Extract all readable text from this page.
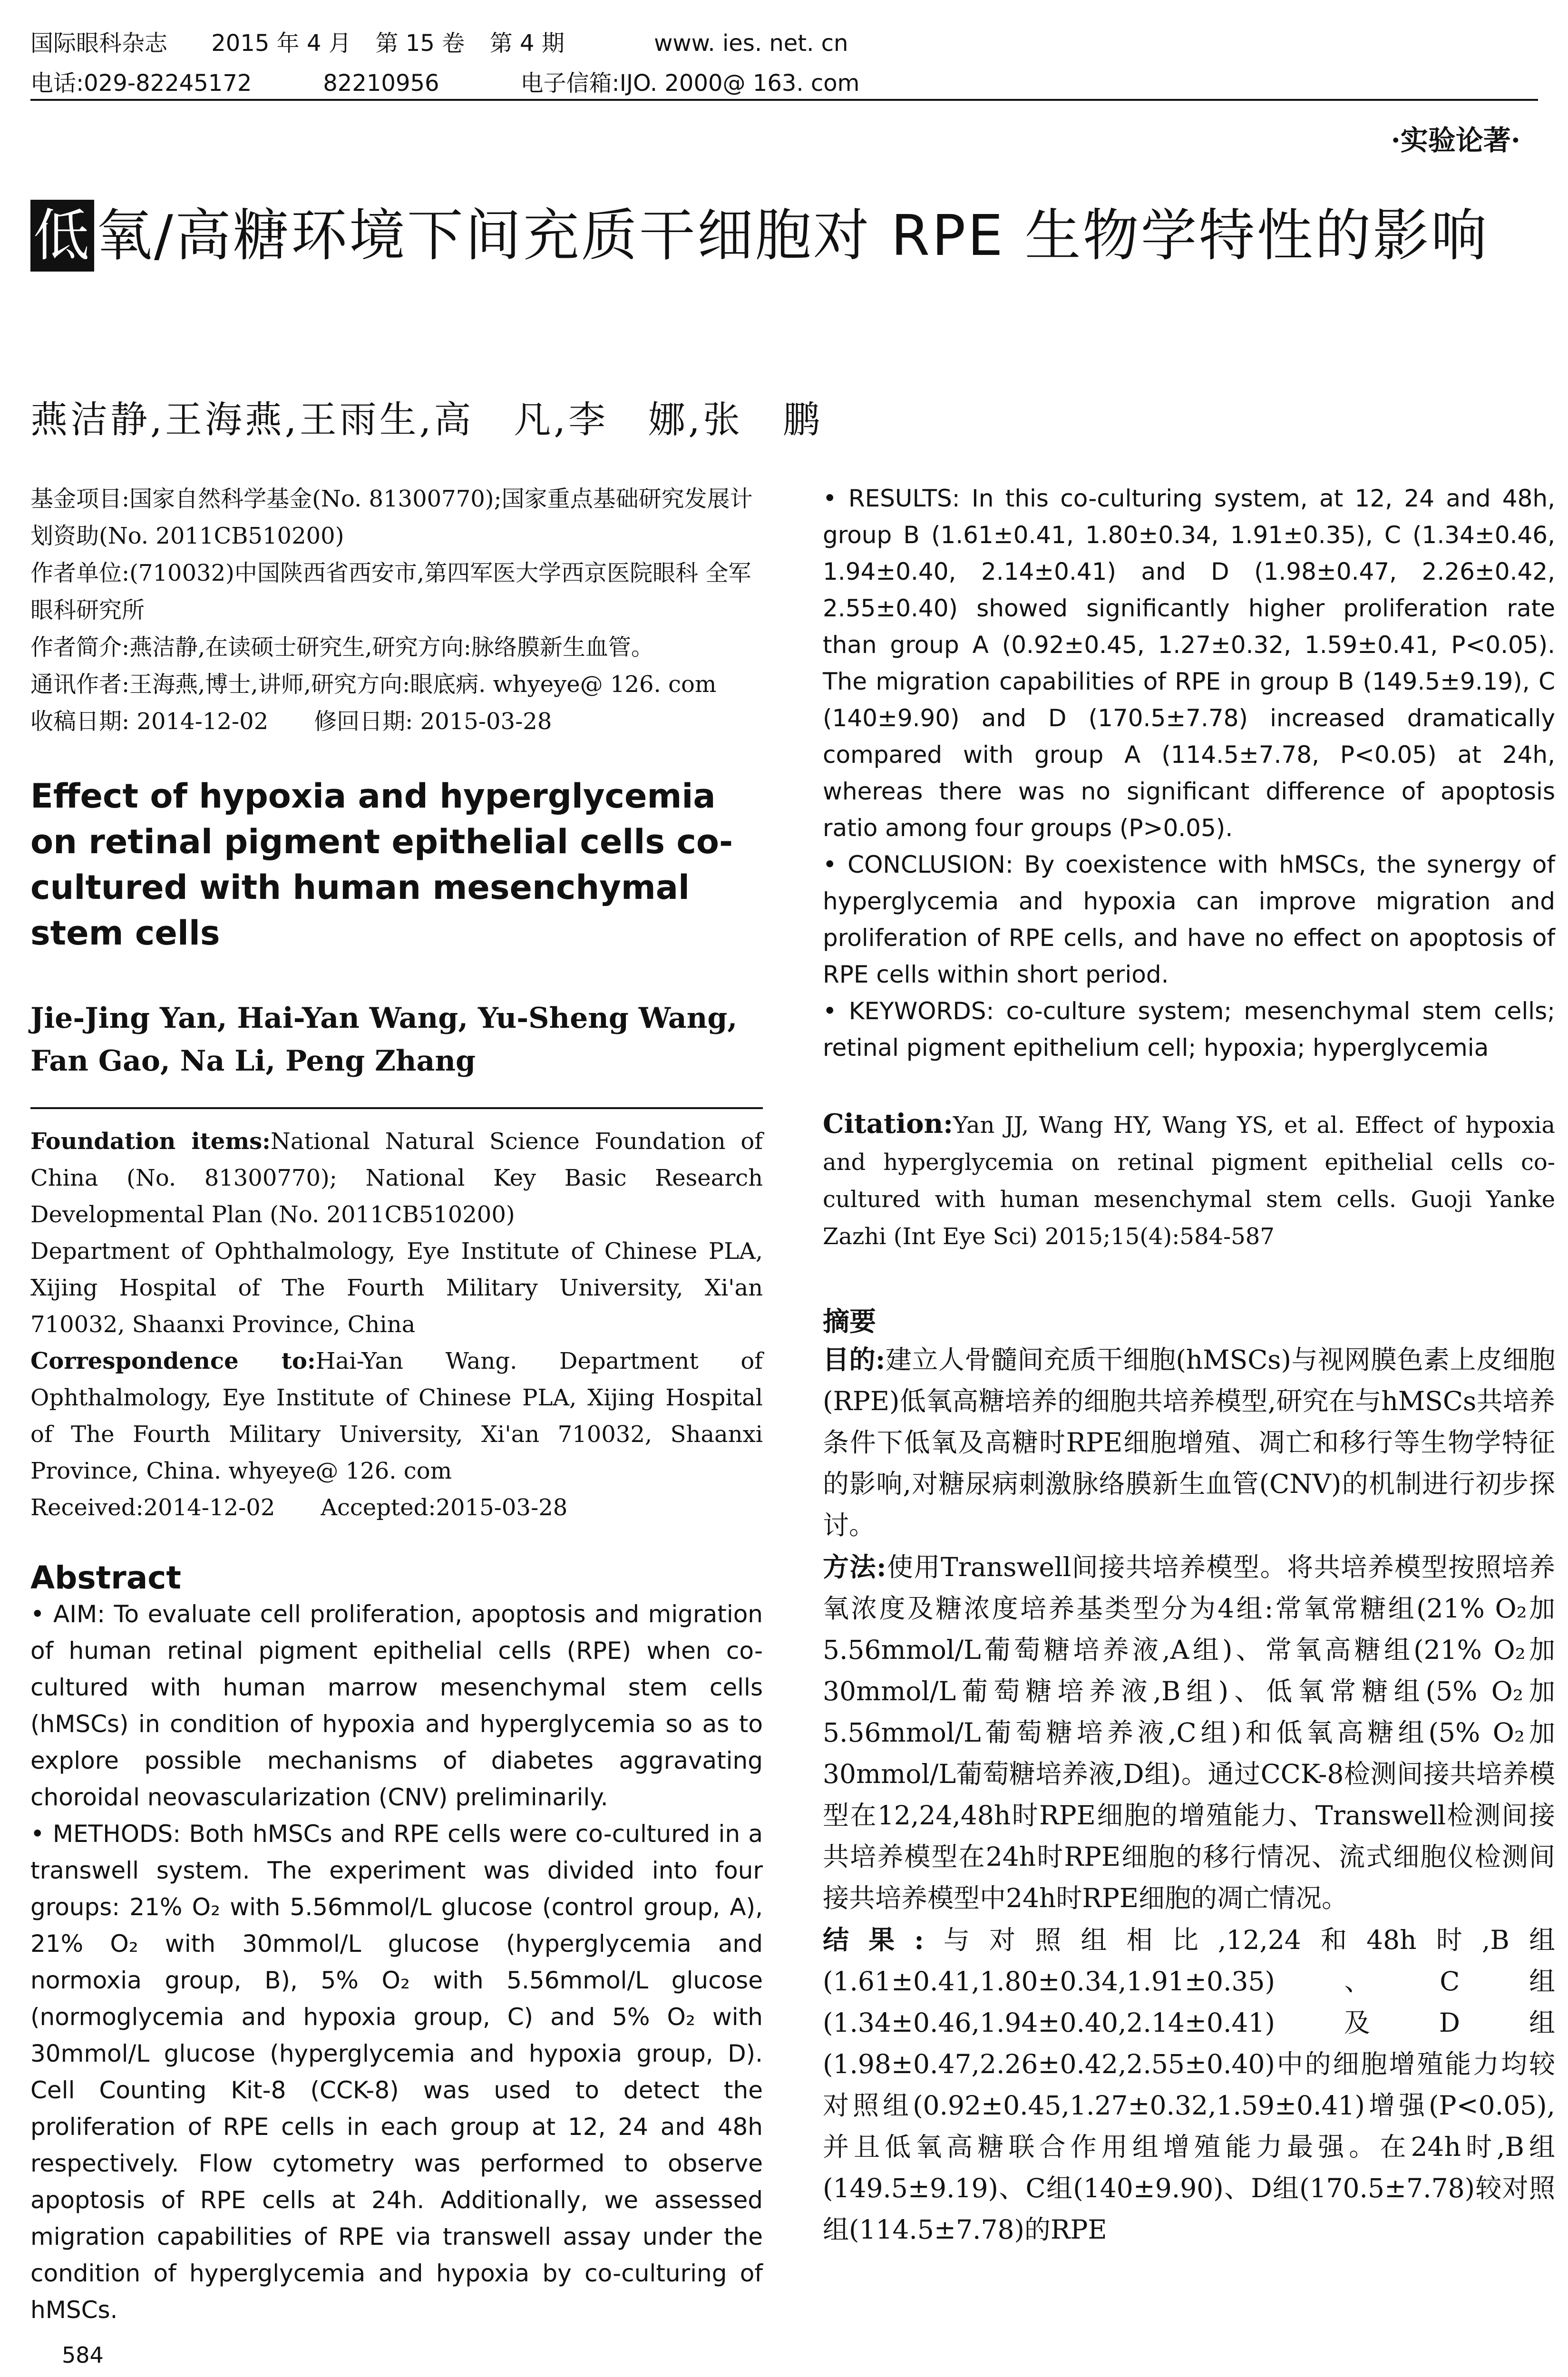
国际眼科杂志 2015 年 4 月 第 15 卷 第 4 期	www. ies. net. cn
电话:029-82245172	82210956	电子信箱:IJO. 2000@ 163. com
·实验论著·
低氧/高糖环境下间充质干细胞对 RPE 生物学特性的影响
燕洁静,王海燕,王雨生,高　凡,李　娜,张　鹏

基金项目:国家自然科学基金(No. 81300770);国家重点基础研究发展计划资助(No. 2011CB510200)

作者单位:(710032)中国陕西省西安市,第四军医大学西京医院眼科 全军眼科研究所

作者简介:燕洁静,在读硕士研究生,研究方向:脉络膜新生血管。

通讯作者:王海燕,博士,讲师,研究方向:眼底病. whyeye@ 126. com

收稿日期: 2014-12-02　　修回日期: 2015-03-28

Effect of hypoxia and hyperglycemia on retinal pigment epithelial cells co-cultured with human mesenchymal stem cells
Jie-Jing Yan, Hai-Yan Wang, Yu-Sheng Wang, Fan Gao, Na Li, Peng Zhang

Foundation items:National Natural Science Foundation of China (No. 81300770); National Key Basic Research Developmental Plan (No. 2011CB510200)

Department of Ophthalmology, Eye Institute of Chinese PLA, Xijing Hospital of The Fourth Military University, Xi'an 710032, Shaanxi Province, China

Correspondence to:Hai-Yan Wang. Department of Ophthalmology, Eye Institute of Chinese PLA, Xijing Hospital of The Fourth Military University, Xi'an 710032, Shaanxi Province, China. whyeye@ 126. com

Received:2014-12-02　　Accepted:2015-03-28

Abstract

• AIM: To evaluate cell proliferation, apoptosis and migration of human retinal pigment epithelial cells (RPE) when co-cultured with human marrow mesenchymal stem cells (hMSCs) in condition of hypoxia and hyperglycemia so as to explore possible mechanisms of diabetes aggravating choroidal neovascularization (CNV) preliminarily.

• METHODS: Both hMSCs and RPE cells were co-cultured in a transwell system. The experiment was divided into four groups: 21% O₂ with 5.56mmol/L glucose (control group, A), 21% O₂ with 30mmol/L glucose (hyperglycemia and normoxia group, B), 5% O₂ with 5.56mmol/L glucose (normoglycemia and hypoxia group, C) and 5% O₂ with 30mmol/L glucose (hyperglycemia and hypoxia group, D). Cell Counting Kit-8 (CCK-8) was used to detect the proliferation of RPE cells in each group at 12, 24 and 48h respectively. Flow cytometry was performed to observe apoptosis of RPE cells at 24h. Additionally, we assessed migration capabilities of RPE via transwell assay under the condition of hyperglycemia and hypoxia by co-culturing of hMSCs.

• RESULTS: In this co-culturing system, at 12, 24 and 48h, group B (1.61±0.41, 1.80±0.34, 1.91±0.35), C (1.34±0.46, 1.94±0.40, 2.14±0.41) and D (1.98±0.47, 2.26±0.42, 2.55±0.40) showed significantly higher proliferation rate than group A (0.92±0.45, 1.27±0.32, 1.59±0.41, P<0.05). The migration capabilities of RPE in group B (149.5±9.19), C (140±9.90) and D (170.5±7.78) increased dramatically compared with group A (114.5±7.78, P<0.05) at 24h, whereas there was no significant difference of apoptosis ratio among four groups (P>0.05).

• CONCLUSION: By coexistence with hMSCs, the synergy of hyperglycemia and hypoxia can improve migration and proliferation of RPE cells, and have no effect on apoptosis of RPE cells within short period.

• KEYWORDS: co-culture system; mesenchymal stem cells; retinal pigment epithelium cell; hypoxia; hyperglycemia

Citation:Yan JJ, Wang HY, Wang YS, et al. Effect of hypoxia and hyperglycemia on retinal pigment epithelial cells co-cultured with human mesenchymal stem cells. Guoji Yanke Zazhi (Int Eye Sci) 2015;15(4):584-587
摘要

目的:建立人骨髓间充质干细胞(hMSCs)与视网膜色素上皮细胞(RPE)低氧高糖培养的细胞共培养模型,研究在与hMSCs共培养条件下低氧及高糖时RPE细胞增殖、凋亡和移行等生物学特征的影响,对糖尿病刺激脉络膜新生血管(CNV)的机制进行初步探讨。

方法:使用Transwell间接共培养模型。将共培养模型按照培养氧浓度及糖浓度培养基类型分为4组:常氧常糖组(21% O₂加5.56mmol/L葡萄糖培养液,A组)、常氧高糖组(21% O₂加30mmol/L葡萄糖培养液,B组)、低氧常糖组(5% O₂加5.56mmol/L葡萄糖培养液,C组)和低氧高糖组(5% O₂加30mmol/L葡萄糖培养液,D组)。通过CCK-8检测间接共培养模型在12,24,48h时RPE细胞的增殖能力、Transwell检测间接共培养模型在24h时RPE细胞的移行情况、流式细胞仪检测间接共培养模型中24h时RPE细胞的凋亡情况。

结果:与对照组相比,12,24和48h时,B组(1.61±0.41,1.80±0.34,1.91±0.35)、C组(1.34±0.46,1.94±0.40,2.14±0.41)及D组(1.98±0.47,2.26±0.42,2.55±0.40)中的细胞增殖能力均较对照组(0.92±0.45,1.27±0.32,1.59±0.41)增强(P<0.05),并且低氧高糖联合作用组增殖能力最强。在24h时,B组(149.5±9.19)、C组(140±9.90)、D组(170.5±7.78)较对照组(114.5±7.78)的RPE

584
